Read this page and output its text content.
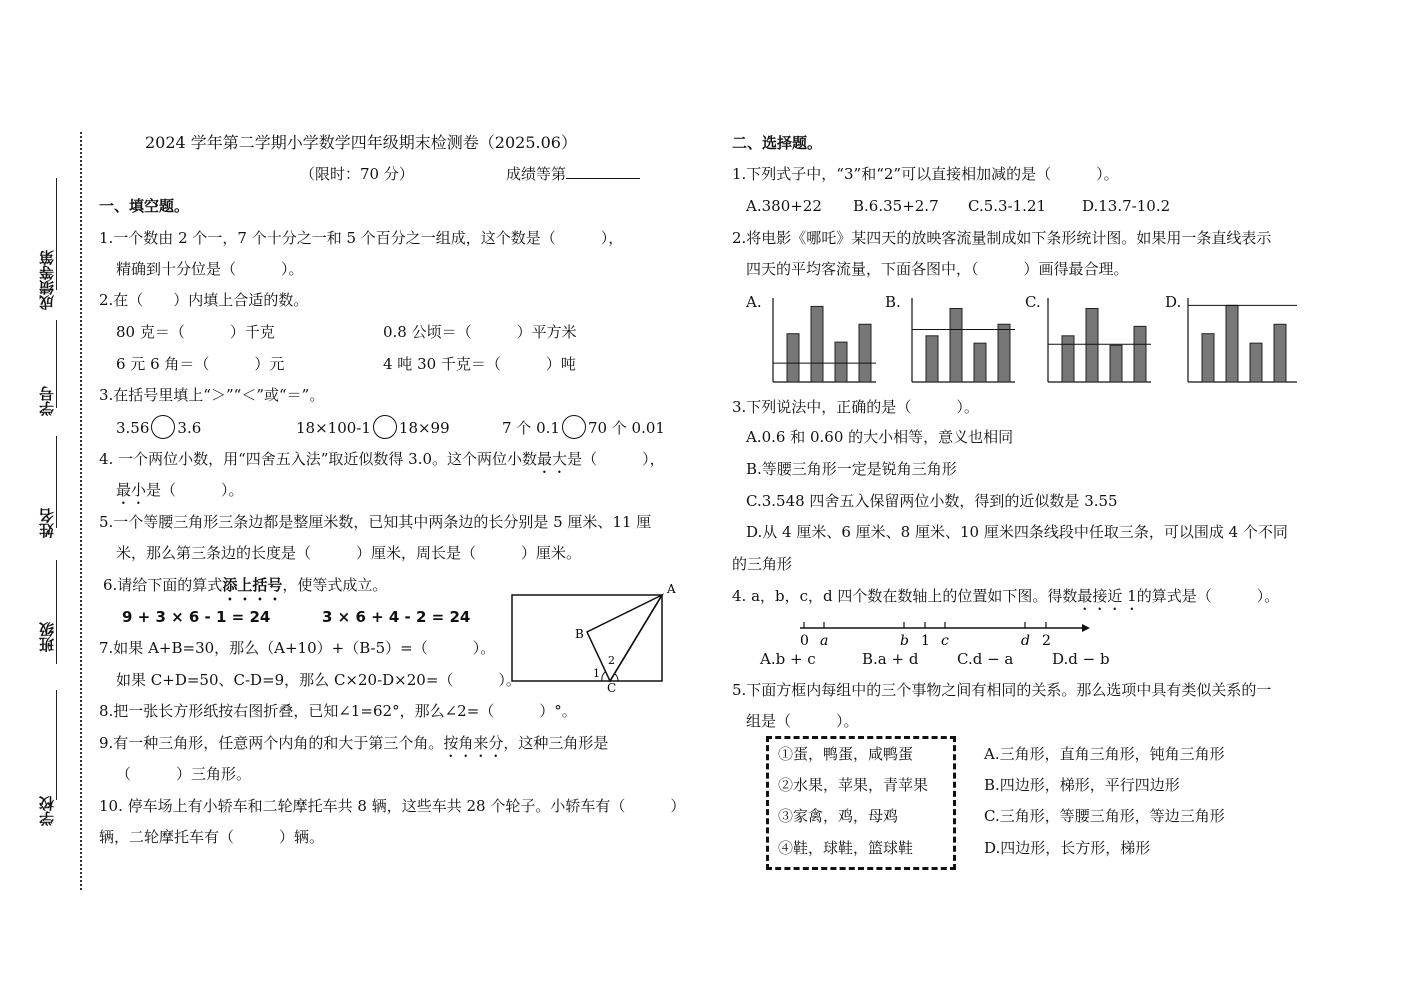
成绩等第
学号
姓名
班级
学校
2024 学年第二学期小学数学四年级期末检测卷（2025.06）
（限时：70 分）	成绩等第
一、填空题。
1.一个数由 2 个一，7 个十分之一和 5 个百分之一组成，这个数是（　　　），
精确到十分位是（　　　）。
2.在（　　）内填上合适的数。
80 克＝（　　　）千克	0.8 公顷＝（　　　）平方米
6 元 6 角＝（　　　）元	4 吨 30 千克＝（　　　）吨
3.在括号里填上“＞”“＜”或“＝”。
3.56 3.6	18×100-1 18×99	7 个 0.1 70 个 0.01
4. 一个两位小数，用“四舍五入法”取近似数得 3.0。这个两位小数最大是（　　　），
最小是（　　　）。
5.一个等腰三角形三条边都是整厘米数，已知其中两条边的长分别是 5 厘米、11 厘
米，那么第三条边的长度是（　　　）厘米，周长是（　　　）厘米。
6.请给下面的算式添上括号，使等式成立。
9 + 3 × 6 - 1 = 24	3 × 6 + 4 - 2 = 24
7.如果 A+B=30，那么（A+10）+（B-5）=（　　　）。
如果 C+D=50、C-D=9，那么 C×20-D×20=（　　　）。
8.把一张长方形纸按右图折叠，已知∠1=62°，那么∠2=（　　　）°。
9.有一种三角形，任意两个内角的和大于第三个角。按角来分，这种三角形是
（　　　）三角形。
10. 停车场上有小轿车和二轮摩托车共 8 辆，这些车共 28 个轮子。小轿车有（　　　）
辆，二轮摩托车有（　　　）辆。
A
B
C
1
2
二、选择题。
1.下列式子中，“3”和“2”可以直接相加减的是（　　　）。
A.380+22 B.6.35+2.7 C.5.3-1.21 D.13.7-10.2
2.将电影《哪吒》某四天的放映客流量制成如下条形统计图。如果用一条直线表示
四天的平均客流量，下面各图中，（　　　）画得最合理。
A.	B.	C.	D.
3.下列说法中，正确的是（　　　）。
A.0.6 和 0.60 的大小相等，意义也相同
B.等腰三角形一定是锐角三角形
C.3.548 四舍五入保留两位小数，得到的近似数是 3.55
D.从 4 厘米、6 厘米、8 厘米、10 厘米四条线段中任取三条，可以围成 4 个不同
的三角形
4. a，b，c，d 四个数在数轴上的位置如下图。得数最接近 1的算式是（　　　）。
0 a	b 1 c	d 2
A.b + c	B.a + d	C.d − a	D.d − b
5.下面方框内每组中的三个事物之间有相同的关系。那么选项中具有类似关系的一
组是（　　　）。
①蛋，鸭蛋，咸鸭蛋
②水果，苹果，青苹果
③家禽，鸡，母鸡
④鞋，球鞋，篮球鞋
A.三角形，直角三角形，钝角三角形
B.四边形，梯形，平行四边形
C.三角形，等腰三角形，等边三角形
D.四边形，长方形，梯形
